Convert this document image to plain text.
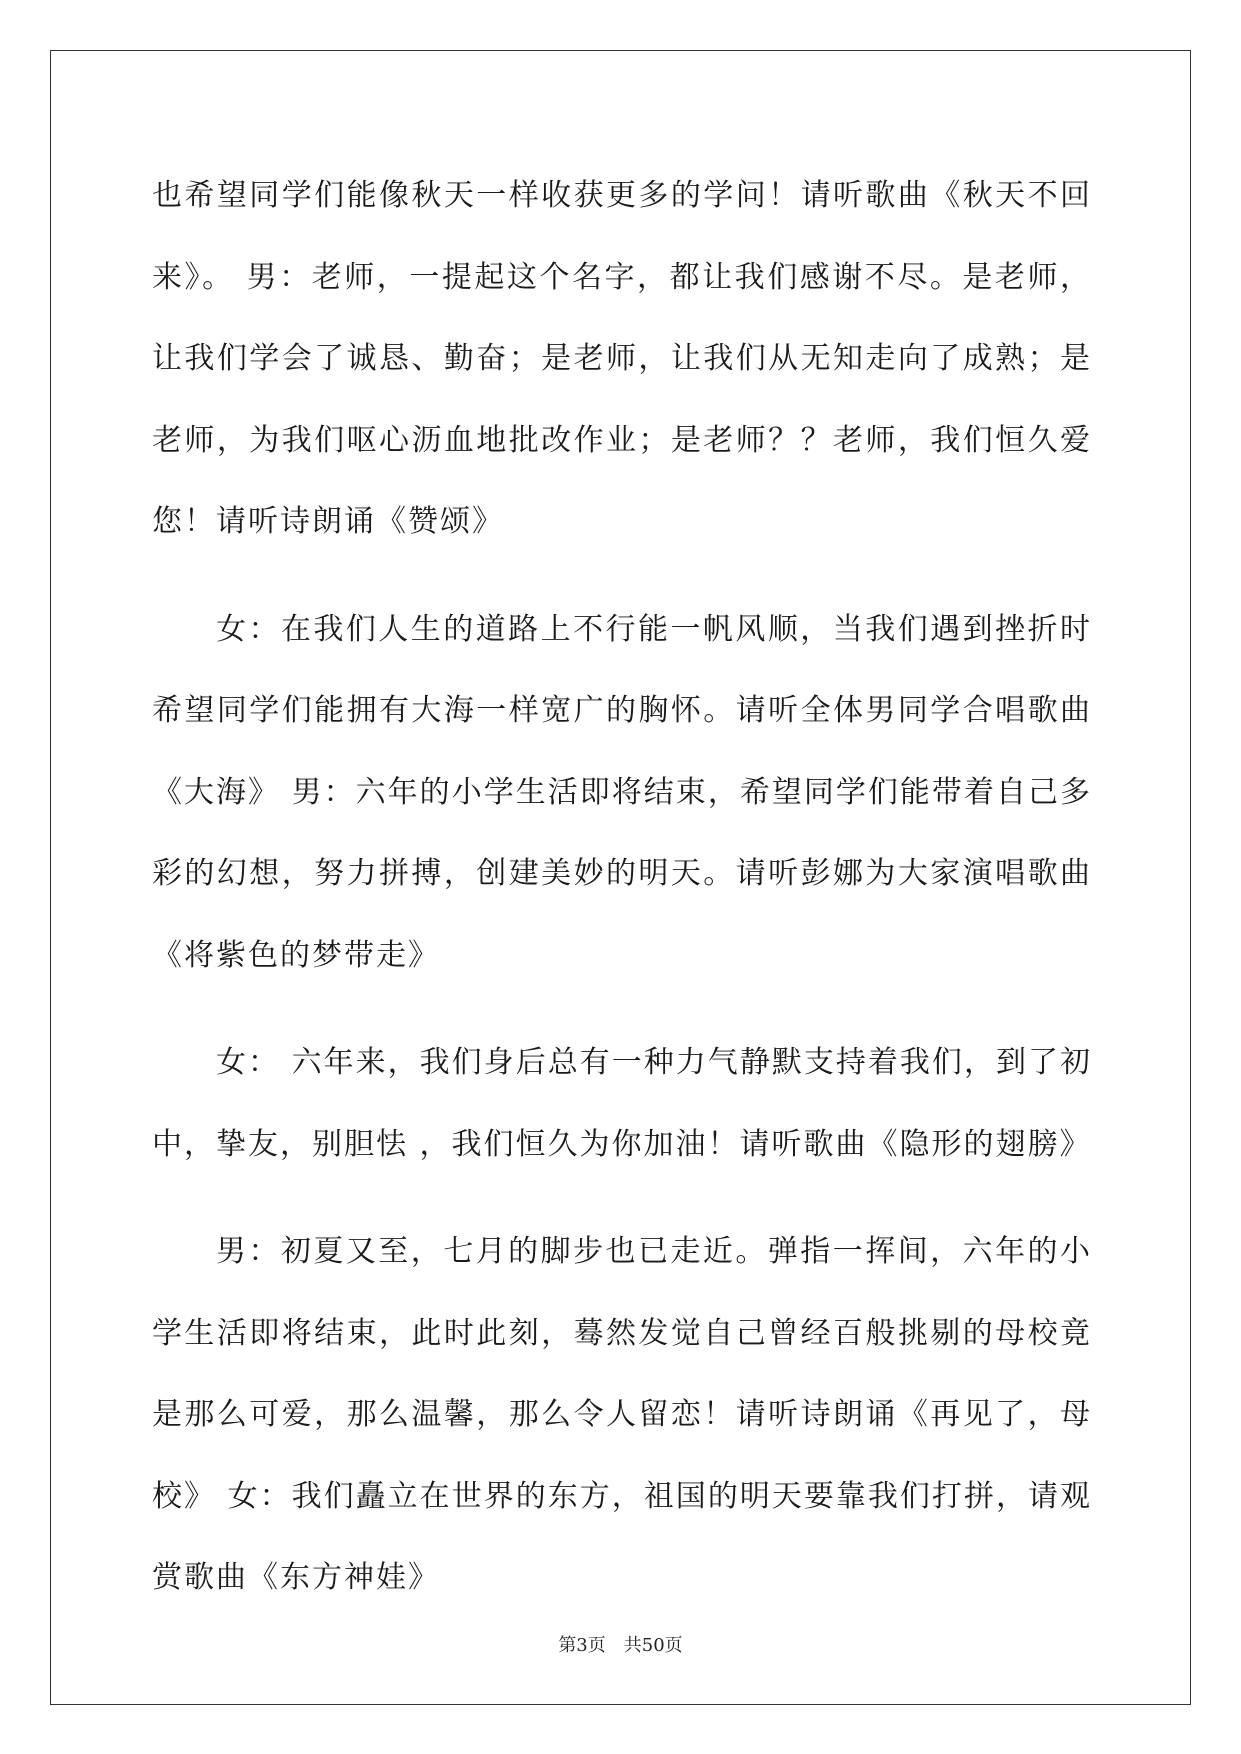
也希望同学们能像秋天一样收获更多的学问！请听歌曲《秋天不回来》。 男：老师，一提起这个名字，都让我们感谢不尽。是老师，让我们学会了诚恳、勤奋；是老师，让我们从无知走向了成熟；是老师，为我们呕心沥血地批改作业；是老师？？老师，我们恒久爱您！请听诗朗诵《赞颂》

女：在我们人生的道路上不行能一帆风顺，当我们遇到挫折时希望同学们能拥有大海一样宽广的胸怀。请听全体男同学合唱歌曲《大海》 男：六年的小学生活即将结束，希望同学们能带着自己多彩的幻想，努力拼搏，创建美妙的明天。请听彭娜为大家演唱歌曲《将紫色的梦带走》

女： 六年来，我们身后总有一种力气静默支持着我们，到了初中，挚友，别胆怯 ，我们恒久为你加油！请听歌曲《隐形的翅膀》

男：初夏又至，七月的脚步也已走近。弹指一挥间，六年的小学生活即将结束，此时此刻，蓦然发觉自己曾经百般挑剔的母校竟是那么可爱，那么温馨，那么令人留恋！请听诗朗诵《再见了，母校》 女：我们矗立在世界的东方，祖国的明天要靠我们打拼，请观赏歌曲《东方神娃》

第3页　共50页
